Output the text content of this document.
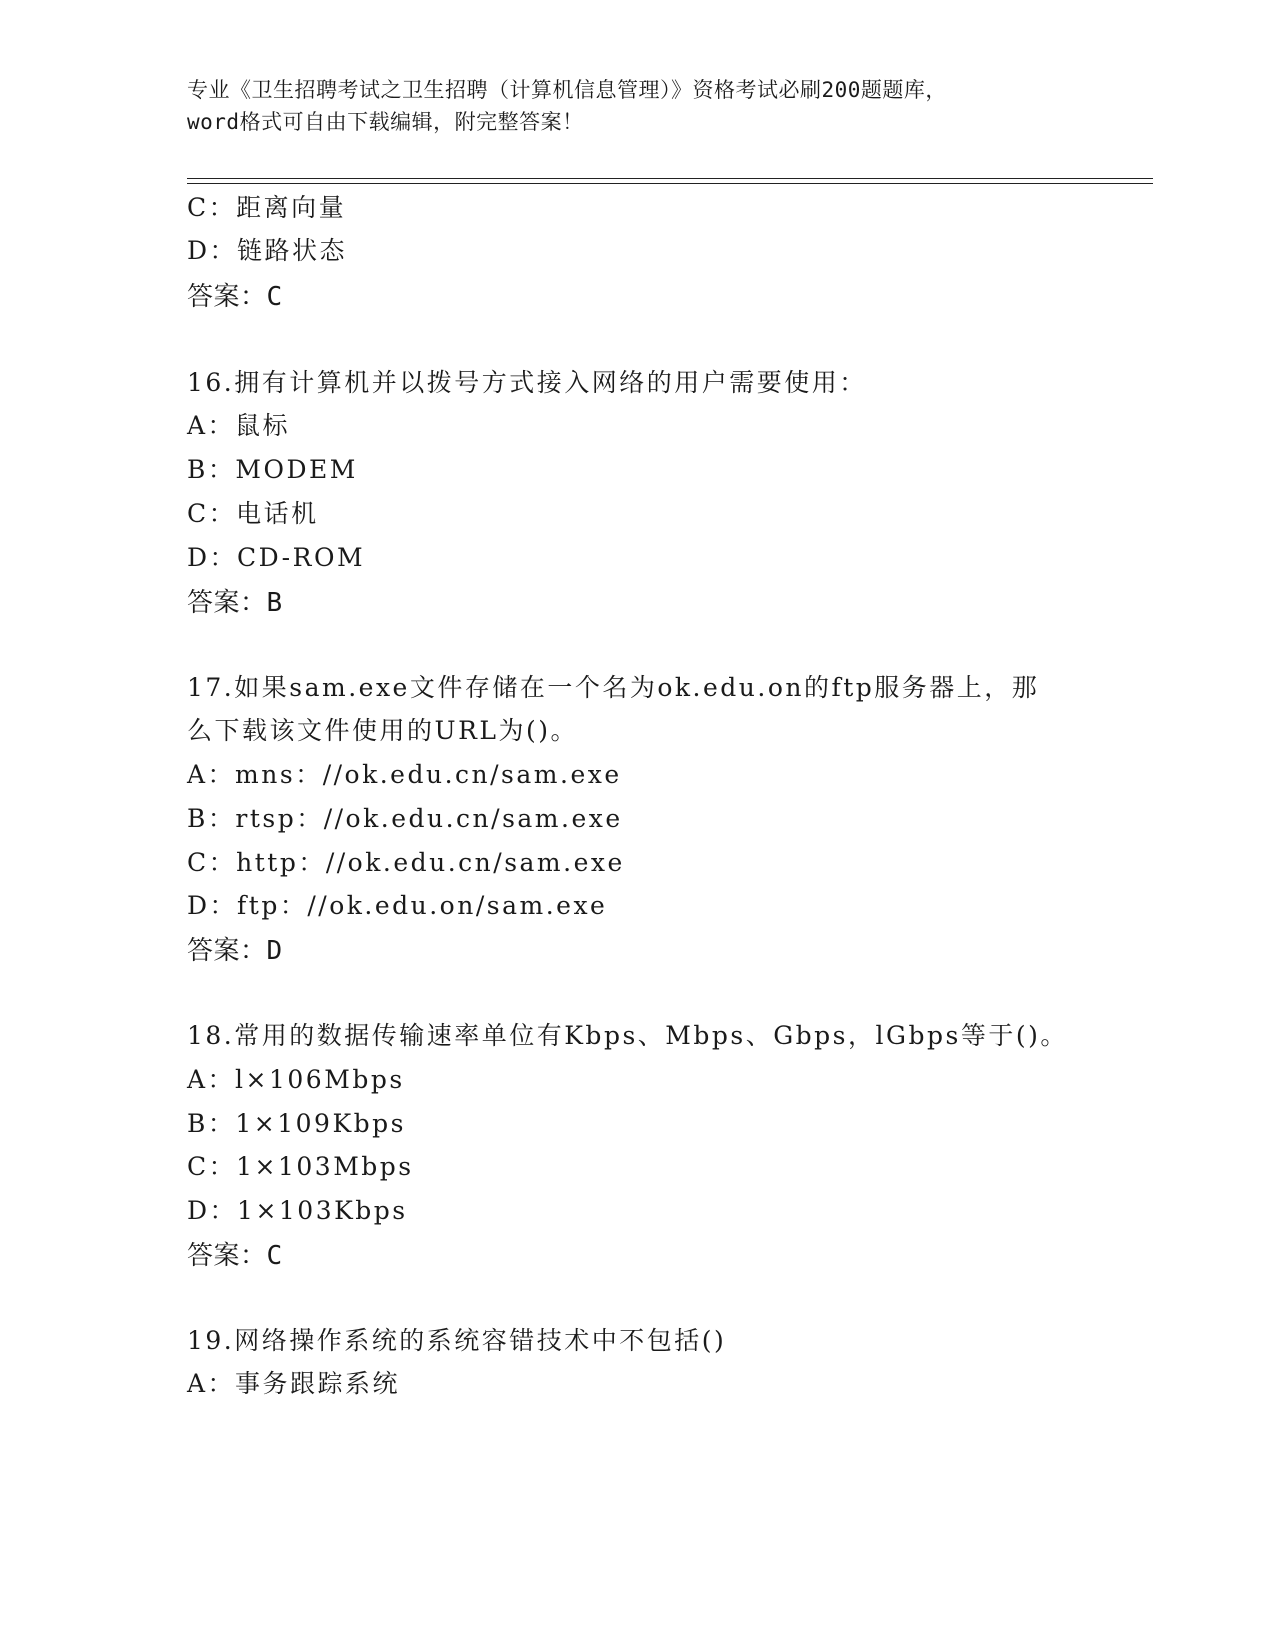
专业《卫生招聘考试之卫生招聘（计算机信息管理）》资格考试必刷200题题库，
word格式可自由下载编辑，附完整答案！
C：距离向量
D：链路状态
答案：C
16.拥有计算机并以拨号方式接入网络的用户需要使用：
A：鼠标
B：MODEM
C：电话机
D：CD-ROM
答案：B
17.如果sam.exe文件存储在一个名为ok.edu.on的ftp服务器上，那
么下载该文件使用的URL为()。
A：mns：//ok.edu.cn/sam.exe
B：rtsp：//ok.edu.cn/sam.exe
C：http：//ok.edu.cn/sam.exe
D：ftp：//ok.edu.on/sam.exe
答案：D
18.常用的数据传输速率单位有Kbps、Mbps、Gbps，lGbps等于()。
A：l×106Mbps
B：1×109Kbps
C：1×103Mbps
D：1×103Kbps
答案：C
19.网络操作系统的系统容错技术中不包括()
A：事务跟踪系统
